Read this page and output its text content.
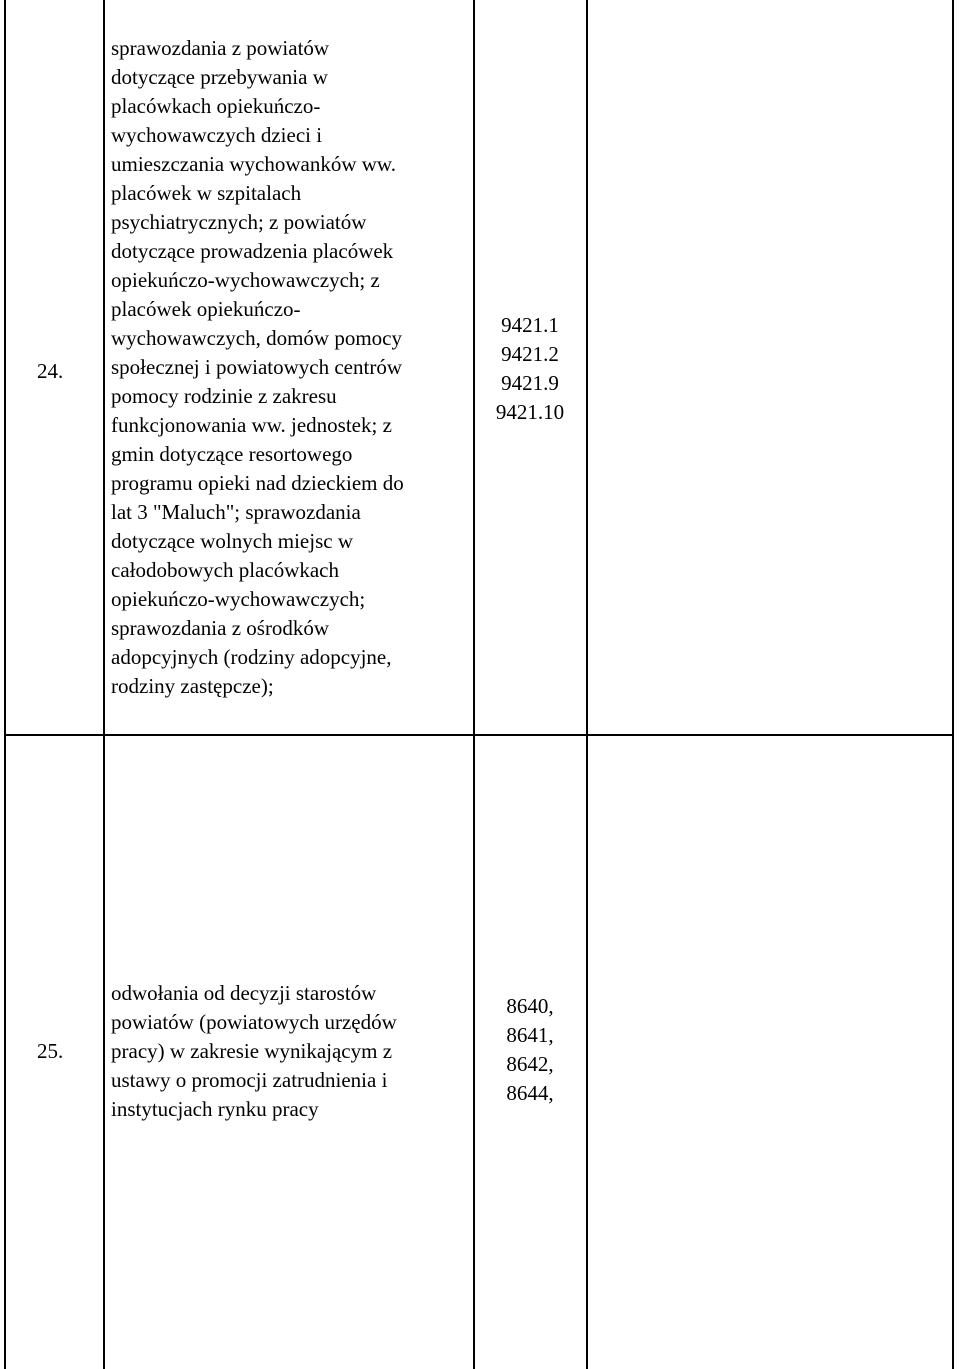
24.
sprawozdania z powiatów
dotyczące przebywania w
placówkach opiekuńczo-
wychowawczych dzieci i
umieszczania wychowanków ww.
placówek w szpitalach
psychiatrycznych; z powiatów
dotyczące prowadzenia placówek
opiekuńczo-wychowawczych; z
placówek opiekuńczo-
wychowawczych, domów pomocy
społecznej i powiatowych centrów
pomocy rodzinie z zakresu
funkcjonowania ww. jednostek; z
gmin dotyczące resortowego
programu opieki nad dzieckiem do
lat 3 "Maluch"; sprawozdania
dotyczące wolnych miejsc w
całodobowych placówkach
opiekuńczo-wychowawczych;
sprawozdania z ośrodków
adopcyjnych (rodziny adopcyjne,
rodziny zastępcze);
9421.1
9421.2
9421.9
9421.10
25.
odwołania od decyzji starostów
powiatów (powiatowych urzędów
pracy) w zakresie wynikającym z
ustawy o promocji zatrudnienia i
instytucjach rynku pracy
8640,
8641,
8642,
8644,
